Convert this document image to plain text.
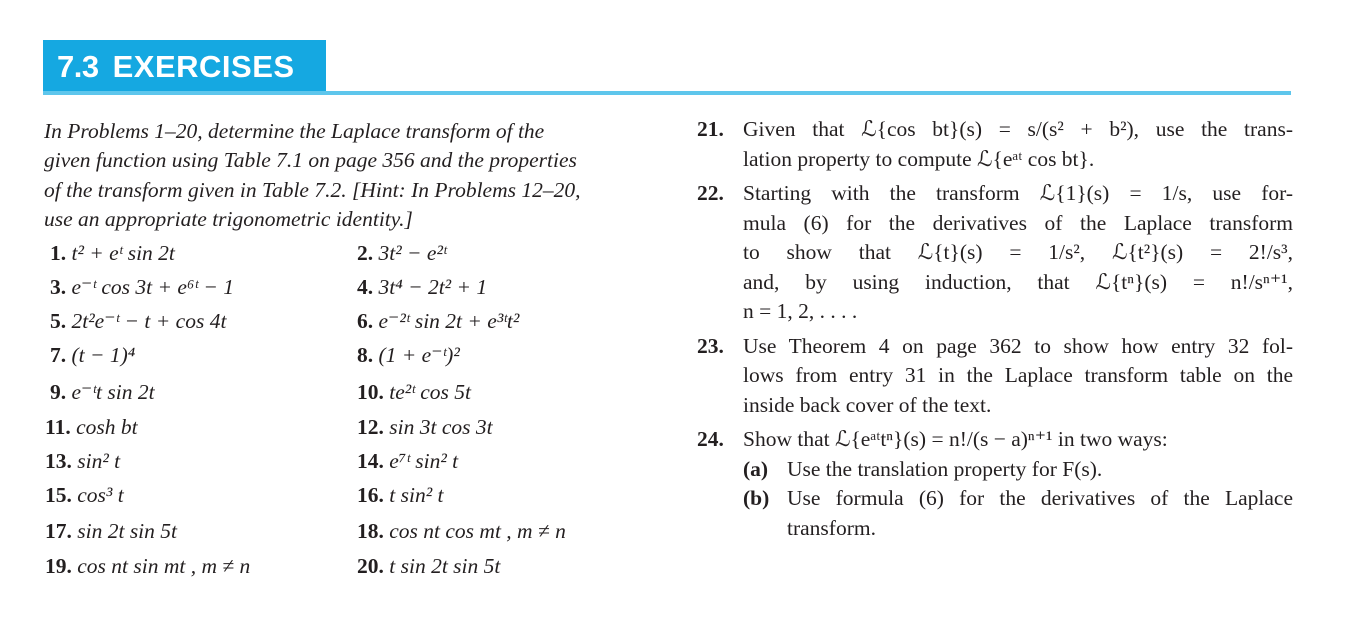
7.3 EXERCISES
In Problems 1–20, determine the Laplace transform of the
given function using Table 7.1 on page 356 and the properties
of the transform given in Table 7.2. [Hint: In Problems 12–20,
use an appropriate trigonometric identity.]
1. t² + eᵗ sin 2t	2. 3t² − e²ᵗ
3. e⁻ᵗ cos 3t + e⁶ᵗ − 1	4. 3t⁴ − 2t² + 1
5. 2t²e⁻ᵗ − t + cos 4t	6. e⁻²ᵗ sin 2t + e³ᵗt²
7. (t − 1)⁴	8. (1 + e⁻ᵗ)²
9. e⁻ᵗt sin 2t	10. te²ᵗ cos 5t
11. cosh bt	12. sin 3t cos 3t
13. sin² t	14. e⁷ᵗ sin² t
15. cos³ t	16. t sin² t
17. sin 2t sin 5t	18. cos nt cos mt , m ≠ n
19. cos nt sin mt , m ≠ n	20. t sin 2t sin 5t
21. Given that ℒ{cos bt}(s) = s/(s² + b²), use the trans-
lation property to compute ℒ{eᵃᵗ cos bt}.
22. Starting with the transform ℒ{1}(s) = 1/s, use for-
mula (6) for the derivatives of the Laplace transform
to show that ℒ{t}(s) = 1/s², ℒ{t²}(s) = 2!/s³,
and, by using induction, that ℒ{tⁿ}(s) = n!/sⁿ⁺¹,
n = 1, 2, . . . .
23. Use Theorem 4 on page 362 to show how entry 32 fol-
lows from entry 31 in the Laplace transform table on the
inside back cover of the text.
24. Show that ℒ{eᵃᵗtⁿ}(s) = n!/(s − a)ⁿ⁺¹ in two ways:
(a) Use the translation property for F(s).
(b) Use formula (6) for the derivatives of the Laplace
transform.
